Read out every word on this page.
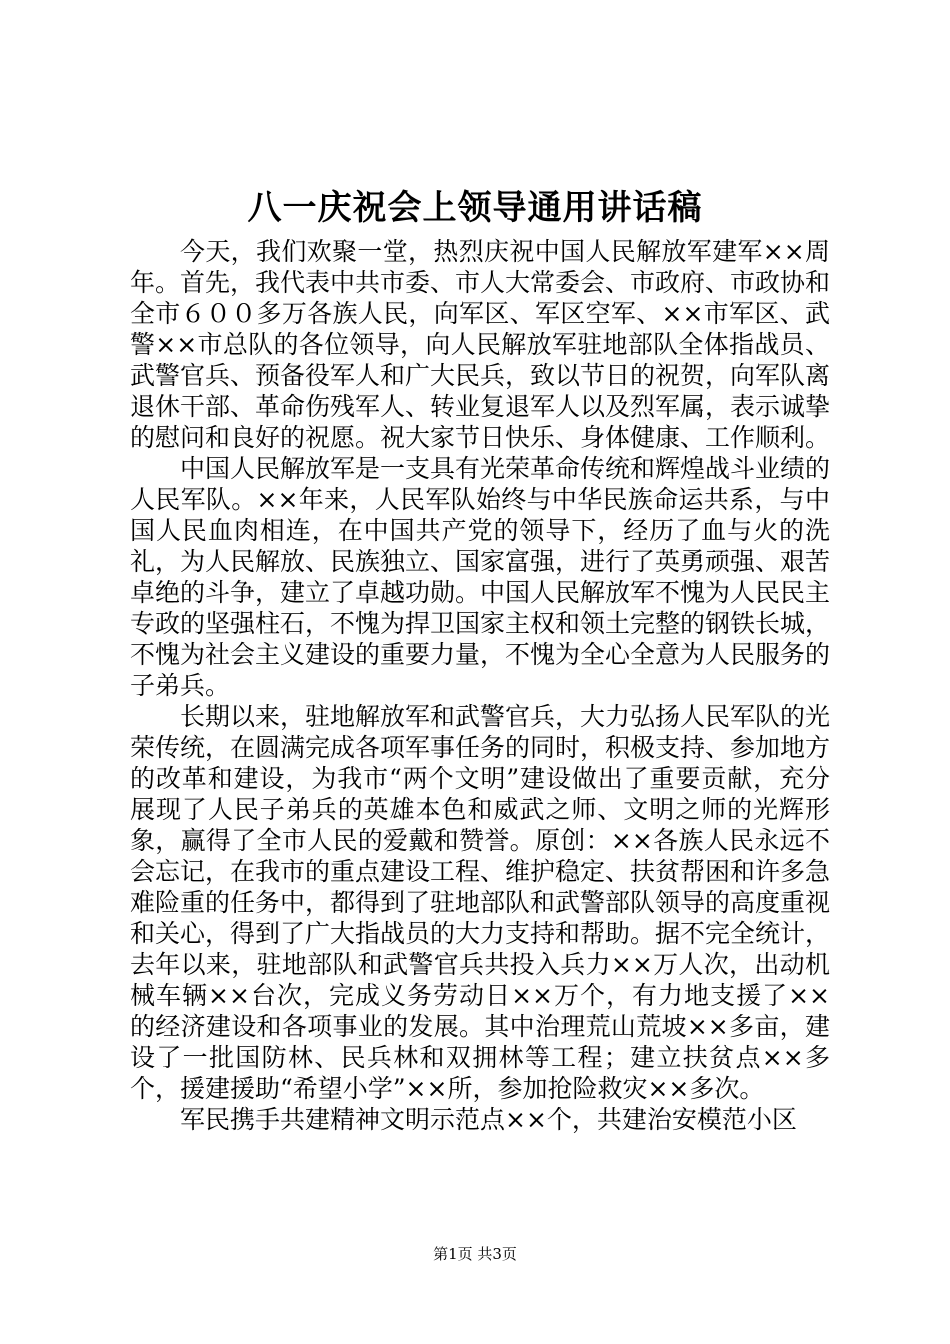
八一庆祝会上领导通用讲话稿

今天，我们欢聚一堂，热烈庆祝中国人民解放军建军××周年。首先，我代表中共市委、市人大常委会、市政府、市政协和全市６００多万各族人民，向军区、军区空军、××市军区、武警××市总队的各位领导，向人民解放军驻地部队全体指战员、武警官兵、预备役军人和广大民兵，致以节日的祝贺，向军队离退休干部、革命伤残军人、转业复退军人以及烈军属，表示诚挚的慰问和良好的祝愿。祝大家节日快乐、身体健康、工作顺利。

中国人民解放军是一支具有光荣革命传统和辉煌战斗业绩的人民军队。××年来，人民军队始终与中华民族命运共系，与中国人民血肉相连，在中国共产党的领导下，经历了血与火的洗礼，为人民解放、民族独立、国家富强，进行了英勇顽强、艰苦卓绝的斗争，建立了卓越功勋。中国人民解放军不愧为人民民主专政的坚强柱石，不愧为捍卫国家主权和领土完整的钢铁长城，不愧为社会主义建设的重要力量，不愧为全心全意为人民服务的子弟兵。

长期以来，驻地解放军和武警官兵，大力弘扬人民军队的光荣传统，在圆满完成各项军事任务的同时，积极支持、参加地方的改革和建设，为我市“两个文明”建设做出了重要贡献，充分展现了人民子弟兵的英雄本色和威武之师、文明之师的光辉形象，赢得了全市人民的爱戴和赞誉。原创：××各族人民永远不会忘记，在我市的重点建设工程、维护稳定、扶贫帮困和许多急难险重的任务中，都得到了驻地部队和武警部队领导的高度重视和关心，得到了广大指战员的大力支持和帮助。据不完全统计，去年以来，驻地部队和武警官兵共投入兵力××万人次，出动机械车辆××台次，完成义务劳动日××万个，有力地支援了××的经济建设和各项事业的发展。其中治理荒山荒坡××多亩，建设了一批国防林、民兵林和双拥林等工程；建立扶贫点××多个，援建援助“希望小学”××所，参加抢险救灾××多次。

军民携手共建精神文明示范点××个，共建治安模范小区

第1页 共3页
